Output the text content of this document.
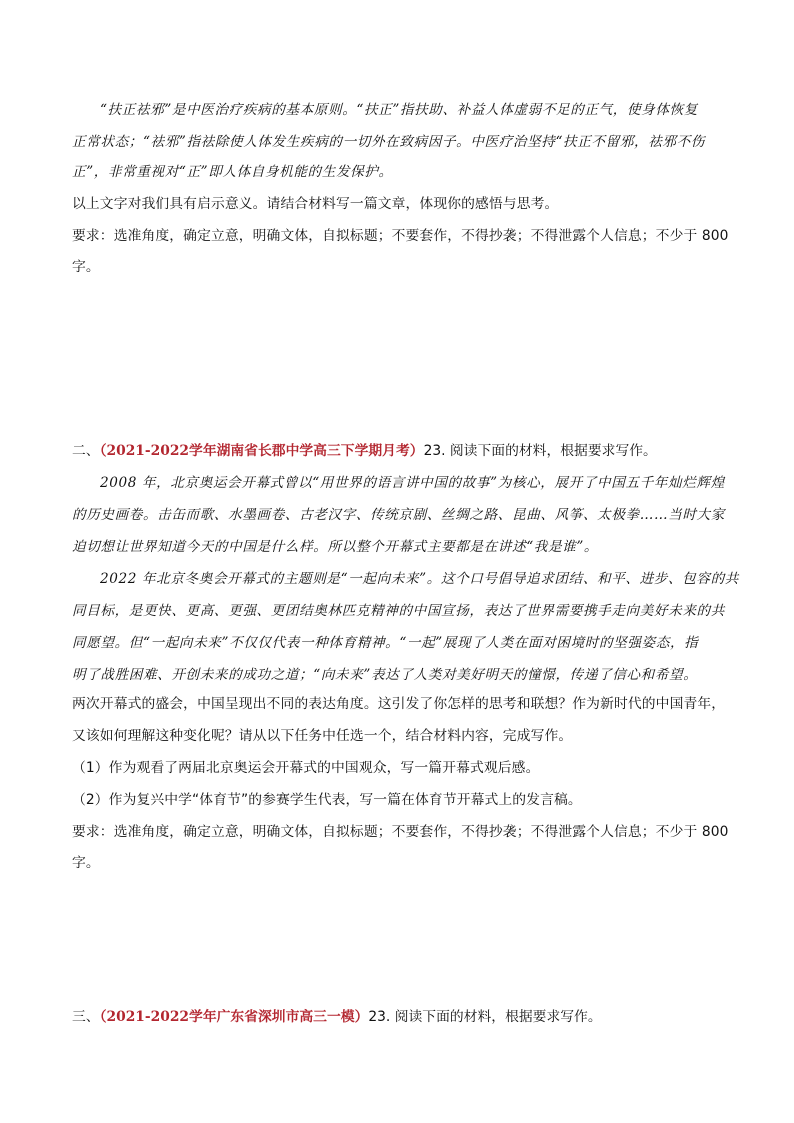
“扶正祛邪”是中医治疗疾病的基本原则。“扶正”指扶助、补益人体虚弱不足的正气，使身体恢复
正常状态；“祛邪”指祛除使人体发生疾病的一切外在致病因子。中医疗治坚持“扶正不留邪，祛邪不伤
正”，非常重视对“正”即人体自身机能的生发保护。
以上文字对我们具有启示意义。请结合材料写一篇文章，体现你的感悟与思考。
要求：选准角度，确定立意，明确文体，自拟标题；不要套作，不得抄袭；不得泄露个人信息；不少于 800
字。
二、（2021-2022学年湖南省长郡中学高三下学期月考）23. 阅读下面的材料，根据要求写作。
2008 年，北京奥运会开幕式曾以“用世界的语言讲中国的故事”为核心，展开了中国五千年灿烂辉煌
的历史画卷。击缶而歌、水墨画卷、古老汉字、传统京剧、丝绸之路、昆曲、风筝、太极拳……当时大家
迫切想让世界知道今天的中国是什么样。所以整个开幕式主要都是在讲述“我是谁”。
2022 年北京冬奥会开幕式的主题则是“一起向未来”。这个口号倡导追求团结、和平、进步、包容的共
同目标，是更快、更高、更强、更团结奥林匹克精神的中国宣扬，表达了世界需要携手走向美好未来的共
同愿望。但“一起向未来”不仅仅代表一种体育精神。“一起”展现了人类在面对困境时的坚强姿态，指
明了战胜困难、开创未来的成功之道；“向未来”表达了人类对美好明天的憧憬，传递了信心和希望。
两次开幕式的盛会，中国呈现出不同的表达角度。这引发了你怎样的思考和联想？作为新时代的中国青年，
又该如何理解这种变化呢？请从以下任务中任选一个，结合材料内容，完成写作。
（1）作为观看了两届北京奥运会开幕式的中国观众，写一篇开幕式观后感。
（2）作为复兴中学“体育节”的参赛学生代表，写一篇在体育节开幕式上的发言稿。
要求：选准角度，确定立意，明确文体，自拟标题；不要套作，不得抄袭；不得泄露个人信息；不少于 800
字。
三、（2021-2022学年广东省深圳市高三一模）23. 阅读下面的材料，根据要求写作。
